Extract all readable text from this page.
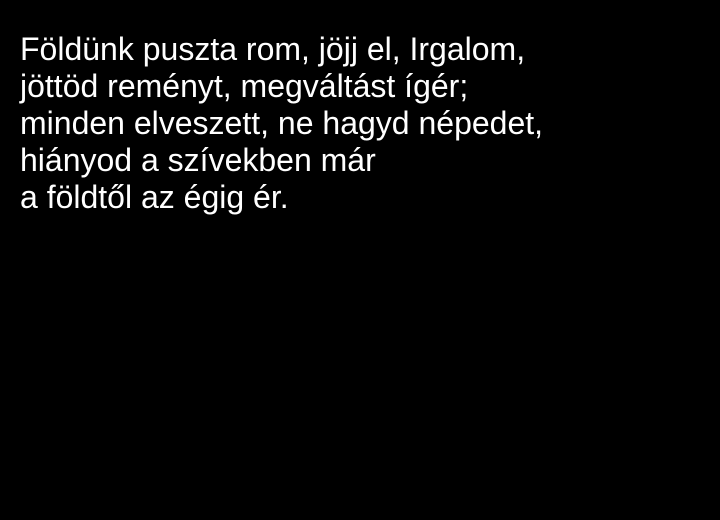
Földünk puszta rom, jöjj el, Irgalom,
jöttöd reményt, megváltást ígér;
minden elveszett, ne hagyd népedet,
hiányod a szívekben már
a földtől az égig ér.
